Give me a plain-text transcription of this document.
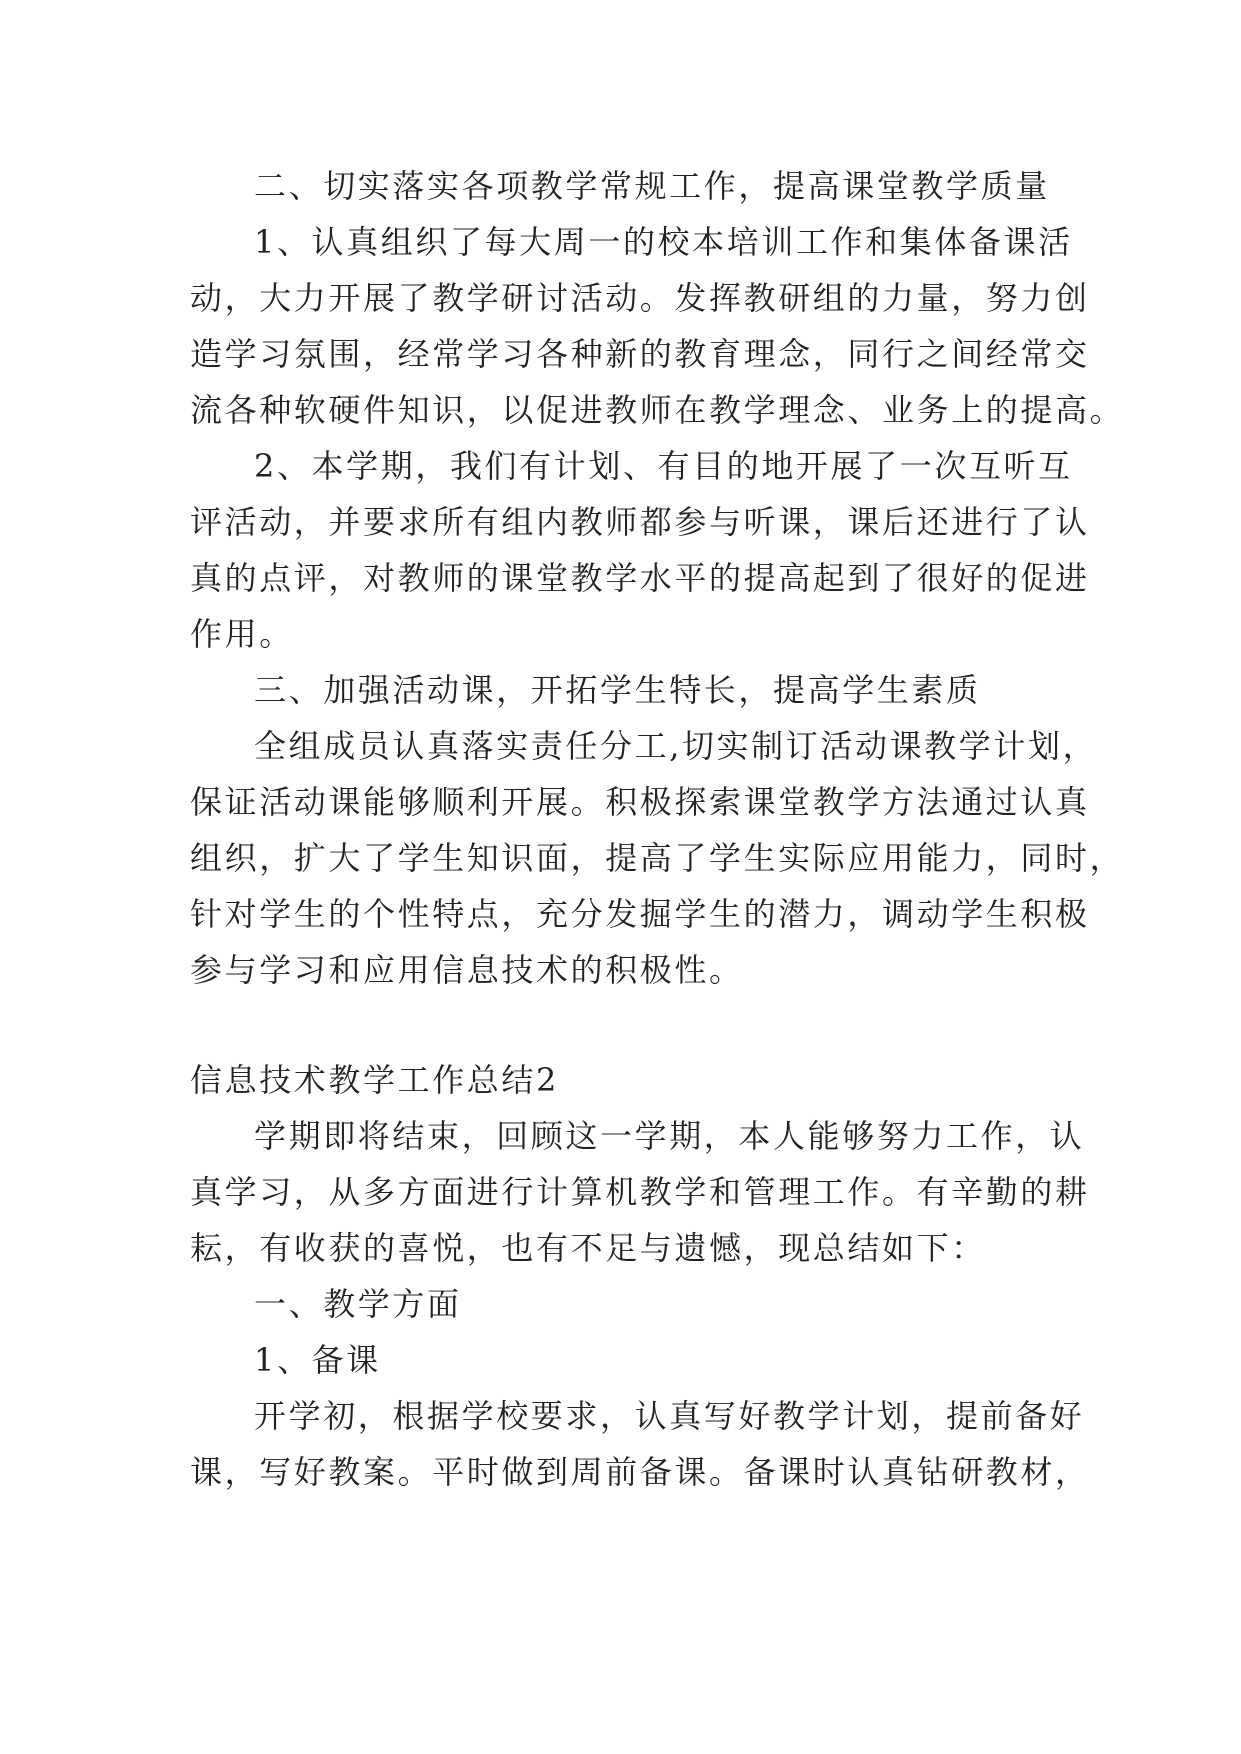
二、切实落实各项教学常规工作，提高课堂教学质量
1、认真组织了每大周一的校本培训工作和集体备课活
动，大力开展了教学研讨活动。发挥教研组的力量，努力创
造学习氛围，经常学习各种新的教育理念，同行之间经常交
流各种软硬件知识，以促进教师在教学理念、业务上的提高。
2、本学期，我们有计划、有目的地开展了一次互听互
评活动，并要求所有组内教师都参与听课，课后还进行了认
真的点评，对教师的课堂教学水平的提高起到了很好的促进
作用。
三、加强活动课，开拓学生特长，提高学生素质
全组成员认真落实责任分工,切实制订活动课教学计划，
保证活动课能够顺利开展。积极探索课堂教学方法通过认真
组织，扩大了学生知识面，提高了学生实际应用能力，同时，
针对学生的个性特点，充分发掘学生的潜力，调动学生积极
参与学习和应用信息技术的积极性。
信息技术教学工作总结2
学期即将结束，回顾这一学期，本人能够努力工作，认
真学习，从多方面进行计算机教学和管理工作。有辛勤的耕
耘，有收获的喜悦，也有不足与遗憾，现总结如下：
一、教学方面
1、备课
开学初，根据学校要求，认真写好教学计划，提前备好
课，写好教案。平时做到周前备课。备课时认真钻研教材，
